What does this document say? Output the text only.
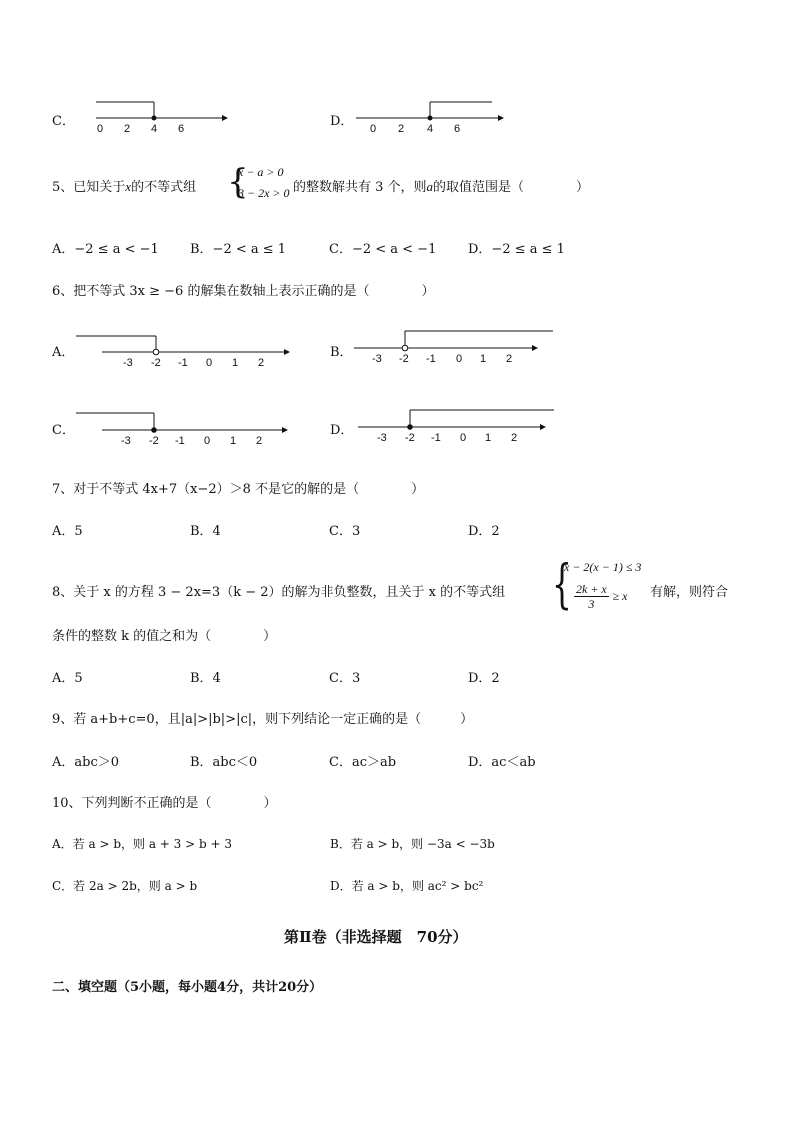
C． 0 2 4 6	D． 0 2 4 6
5、已知关于x的不等式组 {
x − a > 0
3 − 2x > 0 的整数解共有 3 个，则a的取值范围是（　　　　）
A．−2 ≤ a < −1 B．−2 < a ≤ 1	C．−2 < a < −1 D．−2 ≤ a ≤ 1
6、把不等式 3x ≥ −6 的解集在数轴上表示正确的是（　　　　）
A．
-3 -2 -1 0 1 2
B． -3 -2 -1 0 1 2
C．
-3 -2 -1 0 1 2
D． -3 -2 -1 0 1 2
7、对于不等式 4x+7（x−2）＞8 不是它的解的是（　　　　）
A．5	B．4	C．3	D．2
8、关于 x 的方程 3 − 2x=3（k − 2）的解为非负整数，且关于 x 的不等式组 {
x − 2(x − 1) ≤ 3
$\frac{2k + x}{3} \ge x$ 有解，则符合
条件的整数 k 的值之和为（　　　　）
A．5	B．4	C．3	D．2
9、若 a+b+c=0，且|a|>|b|>|c|，则下列结论一定正确的是（　　　）
A．abc＞0	B．abc＜0	C．ac＞ab	D．ac＜ab
10、下列判断不正确的是（　　　　）
A．若 a > b，则 a + 3 > b + 3	B．若 a > b，则 −3a < −3b
C．若 2a > 2b，则 a > b	D．若 a > b，则 ac² > bc²
第Ⅱ卷（非选择题　70分）
二、填空题（5小题，每小题4分，共计20分）
